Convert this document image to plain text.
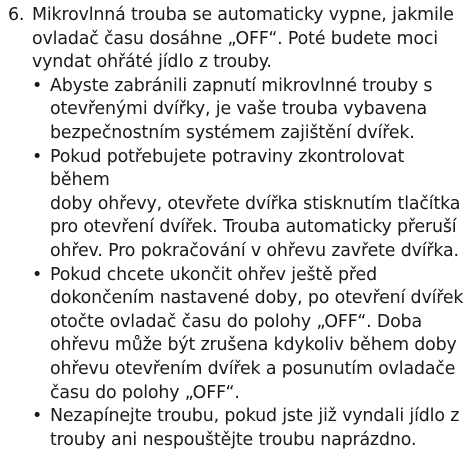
6. Mikrovlnná trouba se automaticky vypne, jakmile
ovladač času dosáhne „OFF“. Poté budete moci
vyndat ohřáté jídlo z trouby.
• Abyste zabránili zapnutí mikrovlnné trouby s
otevřenými dvířky, je vaše trouba vybavena
bezpečnostním systémem zajištění dvířek.
• Pokud potřebujete potraviny zkontrolovat během
doby ohřevy, otevřete dvířka stisknutím tlačítka
pro otevření dvířek. Trouba automaticky přeruší
ohřev. Pro pokračování v ohřevu zavřete dvířka.
• Pokud chcete ukončit ohřev ještě před
dokončením nastavené doby, po otevření dvířek
otočte ovladač času do polohy „OFF“. Doba
ohřevu může být zrušena kdykoliv během doby
ohřevu otevřením dvířek a posunutím ovladače
času do polohy „OFF“.
• Nezapínejte troubu, pokud jste již vyndali jídlo z
trouby ani nespouštějte troubu naprázdno.
